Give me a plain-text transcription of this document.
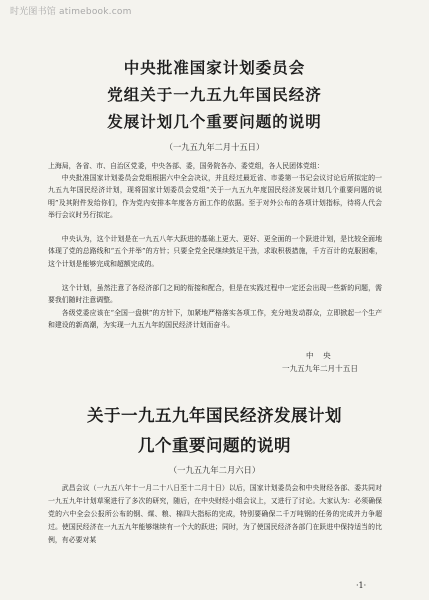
时光图书馆 atimebook.com
中央批准国家计划委员会
党组关于一九五九年国民经济
发展计划几个重要问题的说明
（一九五九年二月十五日）
上海局，各省、市、自治区党委，中央各部、委，国务院各办、委党组，各人民团体党组：
中央批准国家计划委员会党组根据六中全会决议，并且经过最近省、市委第一书记会议讨论后所拟定的一九五九年国民经济计划，现将国家计划委员会党组“关于一九五九年度国民经济发展计划几个重要问题的说明”及其附件发给你们，作为党内安排本年度各方面工作的依据。至于对外公布的各项计划指标，待将人代会举行会议时另行拟定。
中央认为，这个计划是在一九五八年大跃进的基础上更大、更好、更全面的一个跃进计划，是比较全面地体现了党的总路线和“五个并举”的方针；只要全党全民继续鼓足干劲，求取积极措施，千方百计的克服困难，这个计划是能够完成和超额完成的。
这个计划，虽然注意了各经济部门之间的衔接和配合，但是在实践过程中一定还会出现一些新的问题，需要我们随时注意调整。
各级党委应该在“全国一盘棋”的方针下，加紧地严格落实各项工作，充分地发动群众，立即掀起一个生产和建设的新高潮，为实现一九五九年的国民经济计划而奋斗。
中　央
一九五九年二月十五日
关于一九五九年国民经济发展计划
几个重要问题的说明
（一九五九年二月六日）
武昌会议（一九五八年十一月二十八日至十二月十日）以后，国家计划委员会和中央财经各部、委共同对一九五九年计划草案进行了多次的研究，随后，在中央财经小组会议上，又进行了讨论。大家认为：必须确保党的六中全会公报所公布的钢、煤、粮、棉四大指标的完成，特别要确保二千万吨钢的任务的完成并力争超过。使国民经济在一九五九年能够继续有一个大的跃进；同时，为了使国民经济各部门在跃进中保持适当的比例，有必要对某
·1·
